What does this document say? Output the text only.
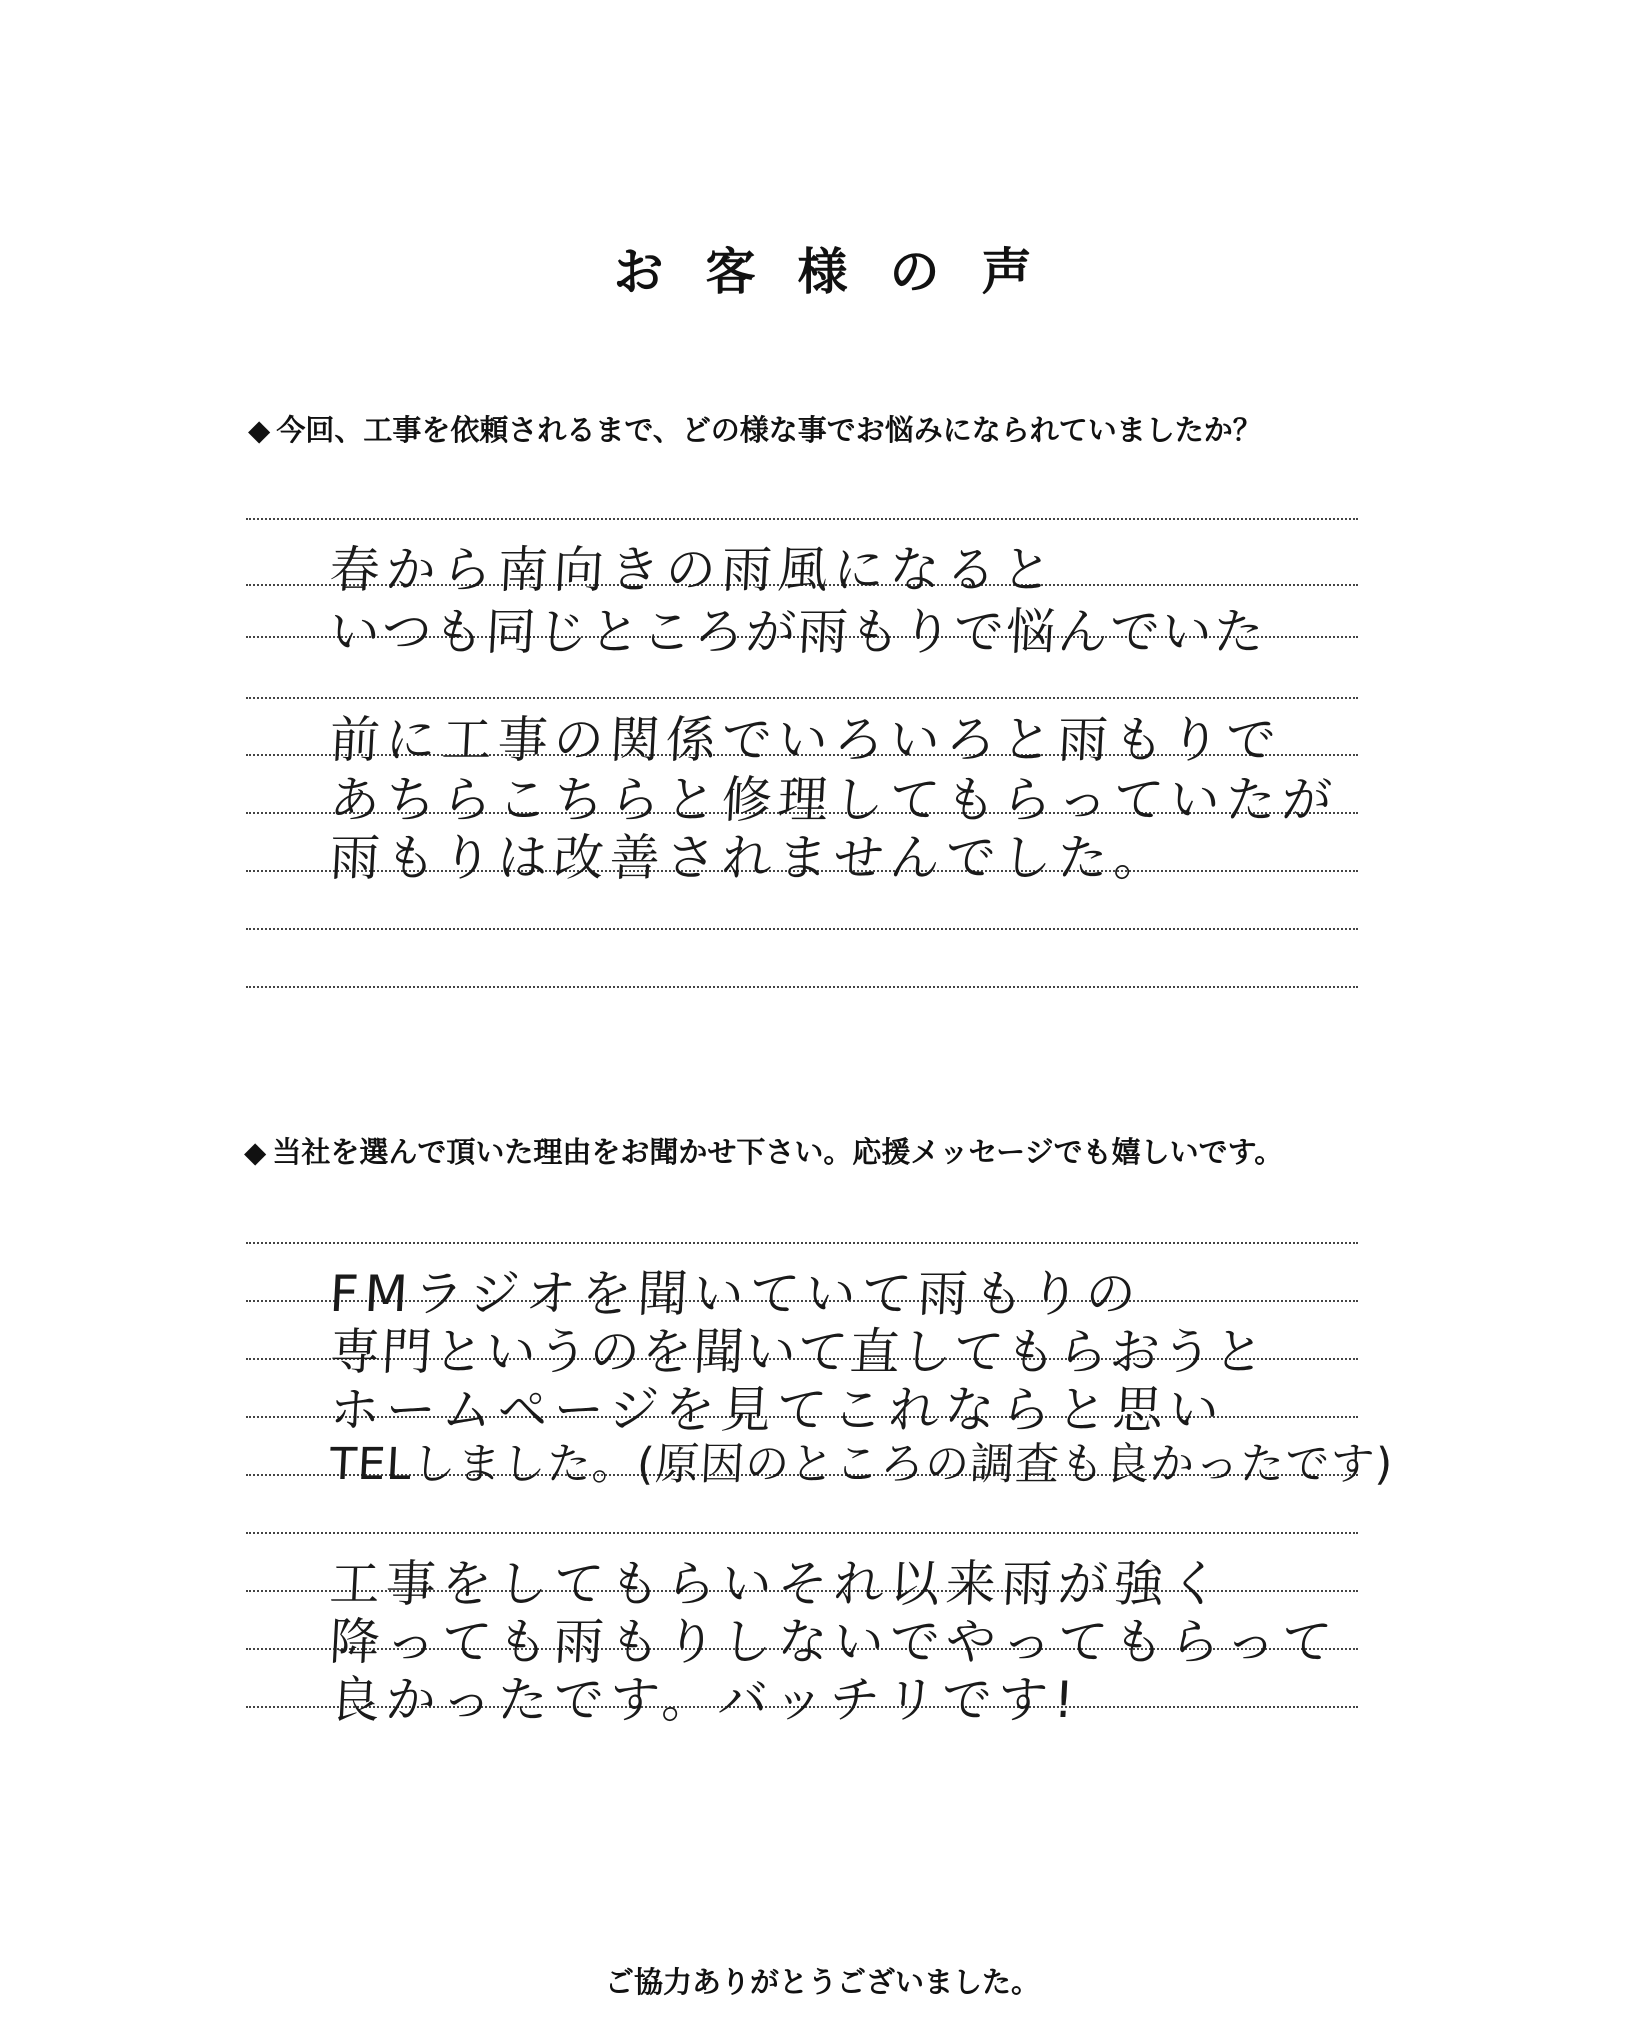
お客様の声
◆ 今回、工事を依頼されるまで、どの様な事でお悩みになられていましたか？
春から南向きの雨風になると
いつも同じところが雨もりで悩んでいた
前に工事の関係でいろいろと雨もりで
あちらこちらと修理してもらっていたが
雨もりは改善されませんでした。
◆ 当社を選んで頂いた理由をお聞かせ下さい。応援メッセージでも嬉しいです。
FMラジオを聞いていて雨もりの
専門というのを聞いて直してもらおうと
ホームページを見てこれならと思い
TELしました。(原因のところの調査も良かったです)
工事をしてもらいそれ以来雨が強く
降っても雨もりしないでやってもらって
良かったです。バッチリです!
ご協力ありがとうございました。
